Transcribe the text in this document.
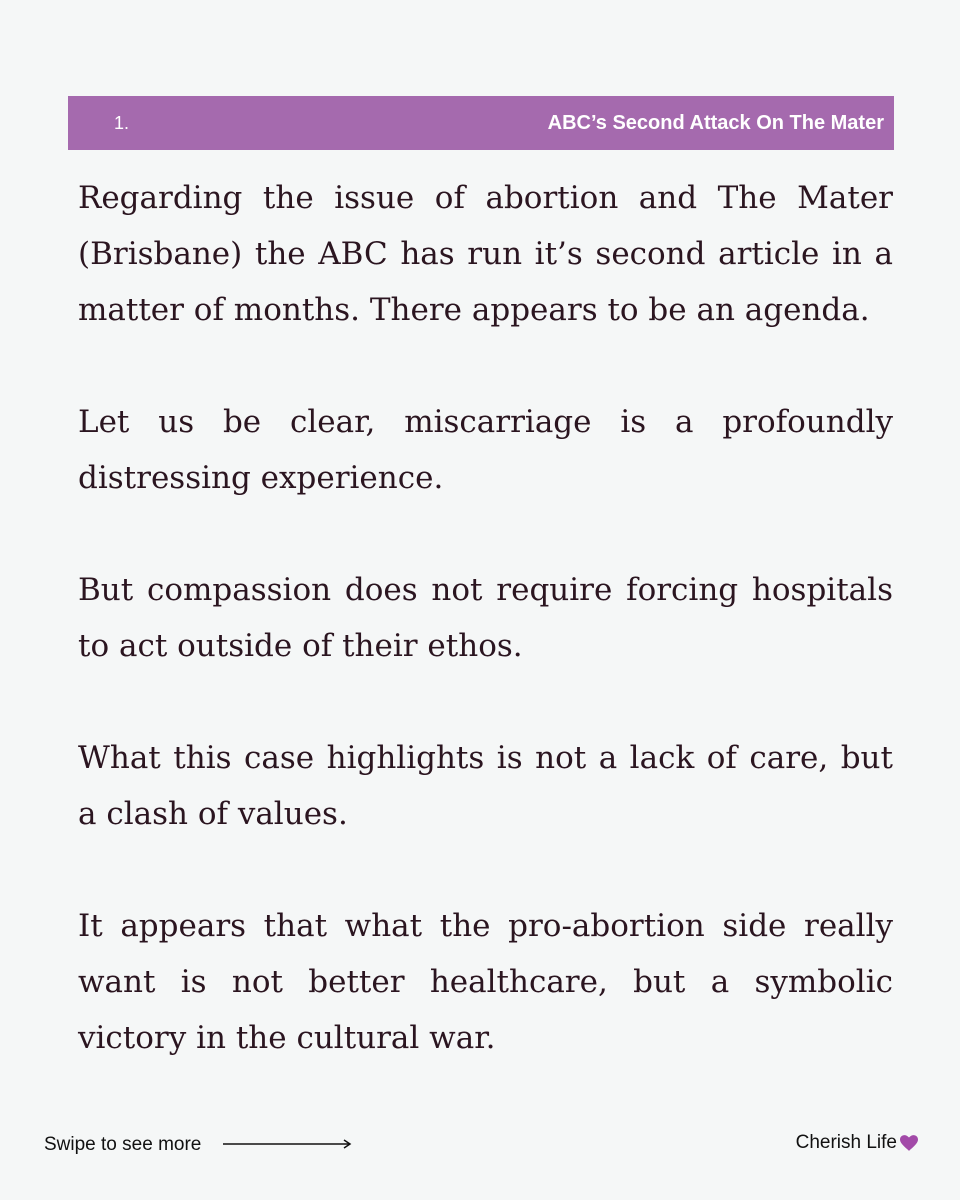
1.	ABC’s Second Attack On The Mater

Regarding the issue of abortion and The Mater (Brisbane) the ABC has run it’s second article in a matter of months. There appears to be an agenda.

Let us be clear, miscarriage is a profoundly distressing experience.

But compassion does not require forcing hospitals to act outside of their ethos.

What this case highlights is not a lack of care, but a clash of values.

It appears that what the pro-abortion side really want is not better healthcare, but a symbolic victory in the cultural war.

Swipe to see more	Cherish Life
